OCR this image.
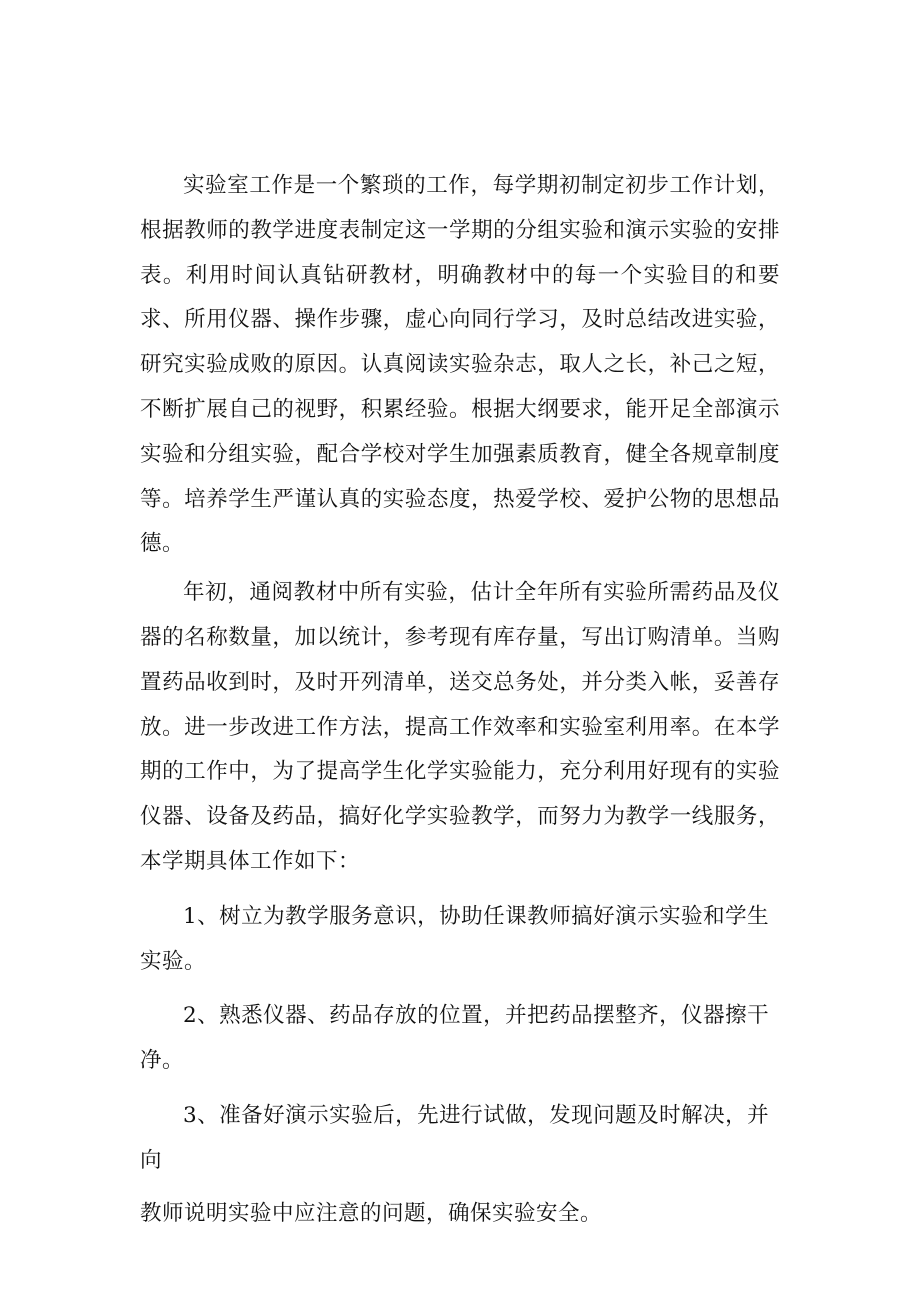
实验室工作是一个繁琐的工作，每学期初制定初步工作计划，根据教师的教学进度表制定这一学期的分组实验和演示实验的安排表。利用时间认真钻研教材，明确教材中的每一个实验目的和要求、所用仪器、操作步骤，虚心向同行学习，及时总结改进实验，研究实验成败的原因。认真阅读实验杂志，取人之长，补己之短，不断扩展自己的视野，积累经验。根据大纲要求，能开足全部演示实验和分组实验，配合学校对学生加强素质教育，健全各规章制度等。培养学生严谨认真的实验态度，热爱学校、爱护公物的思想品德。

年初，通阅教材中所有实验，估计全年所有实验所需药品及仪器的名称数量，加以统计，参考现有库存量，写出订购清单。当购置药品收到时，及时开列清单，送交总务处，并分类入帐，妥善存放。进一步改进工作方法，提高工作效率和实验室利用率。在本学期的工作中，为了提高学生化学实验能力，充分利用好现有的实验仪器、设备及药品，搞好化学实验教学，而努力为教学一线服务，本学期具体工作如下：

1、树立为教学服务意识，协助任课教师搞好演示实验和学生实验。

2、熟悉仪器、药品存放的位置，并把药品摆整齐，仪器擦干净。

3、准备好演示实验后，先进行试做，发现问题及时解决，并向

教师说明实验中应注意的问题，确保实验安全。
